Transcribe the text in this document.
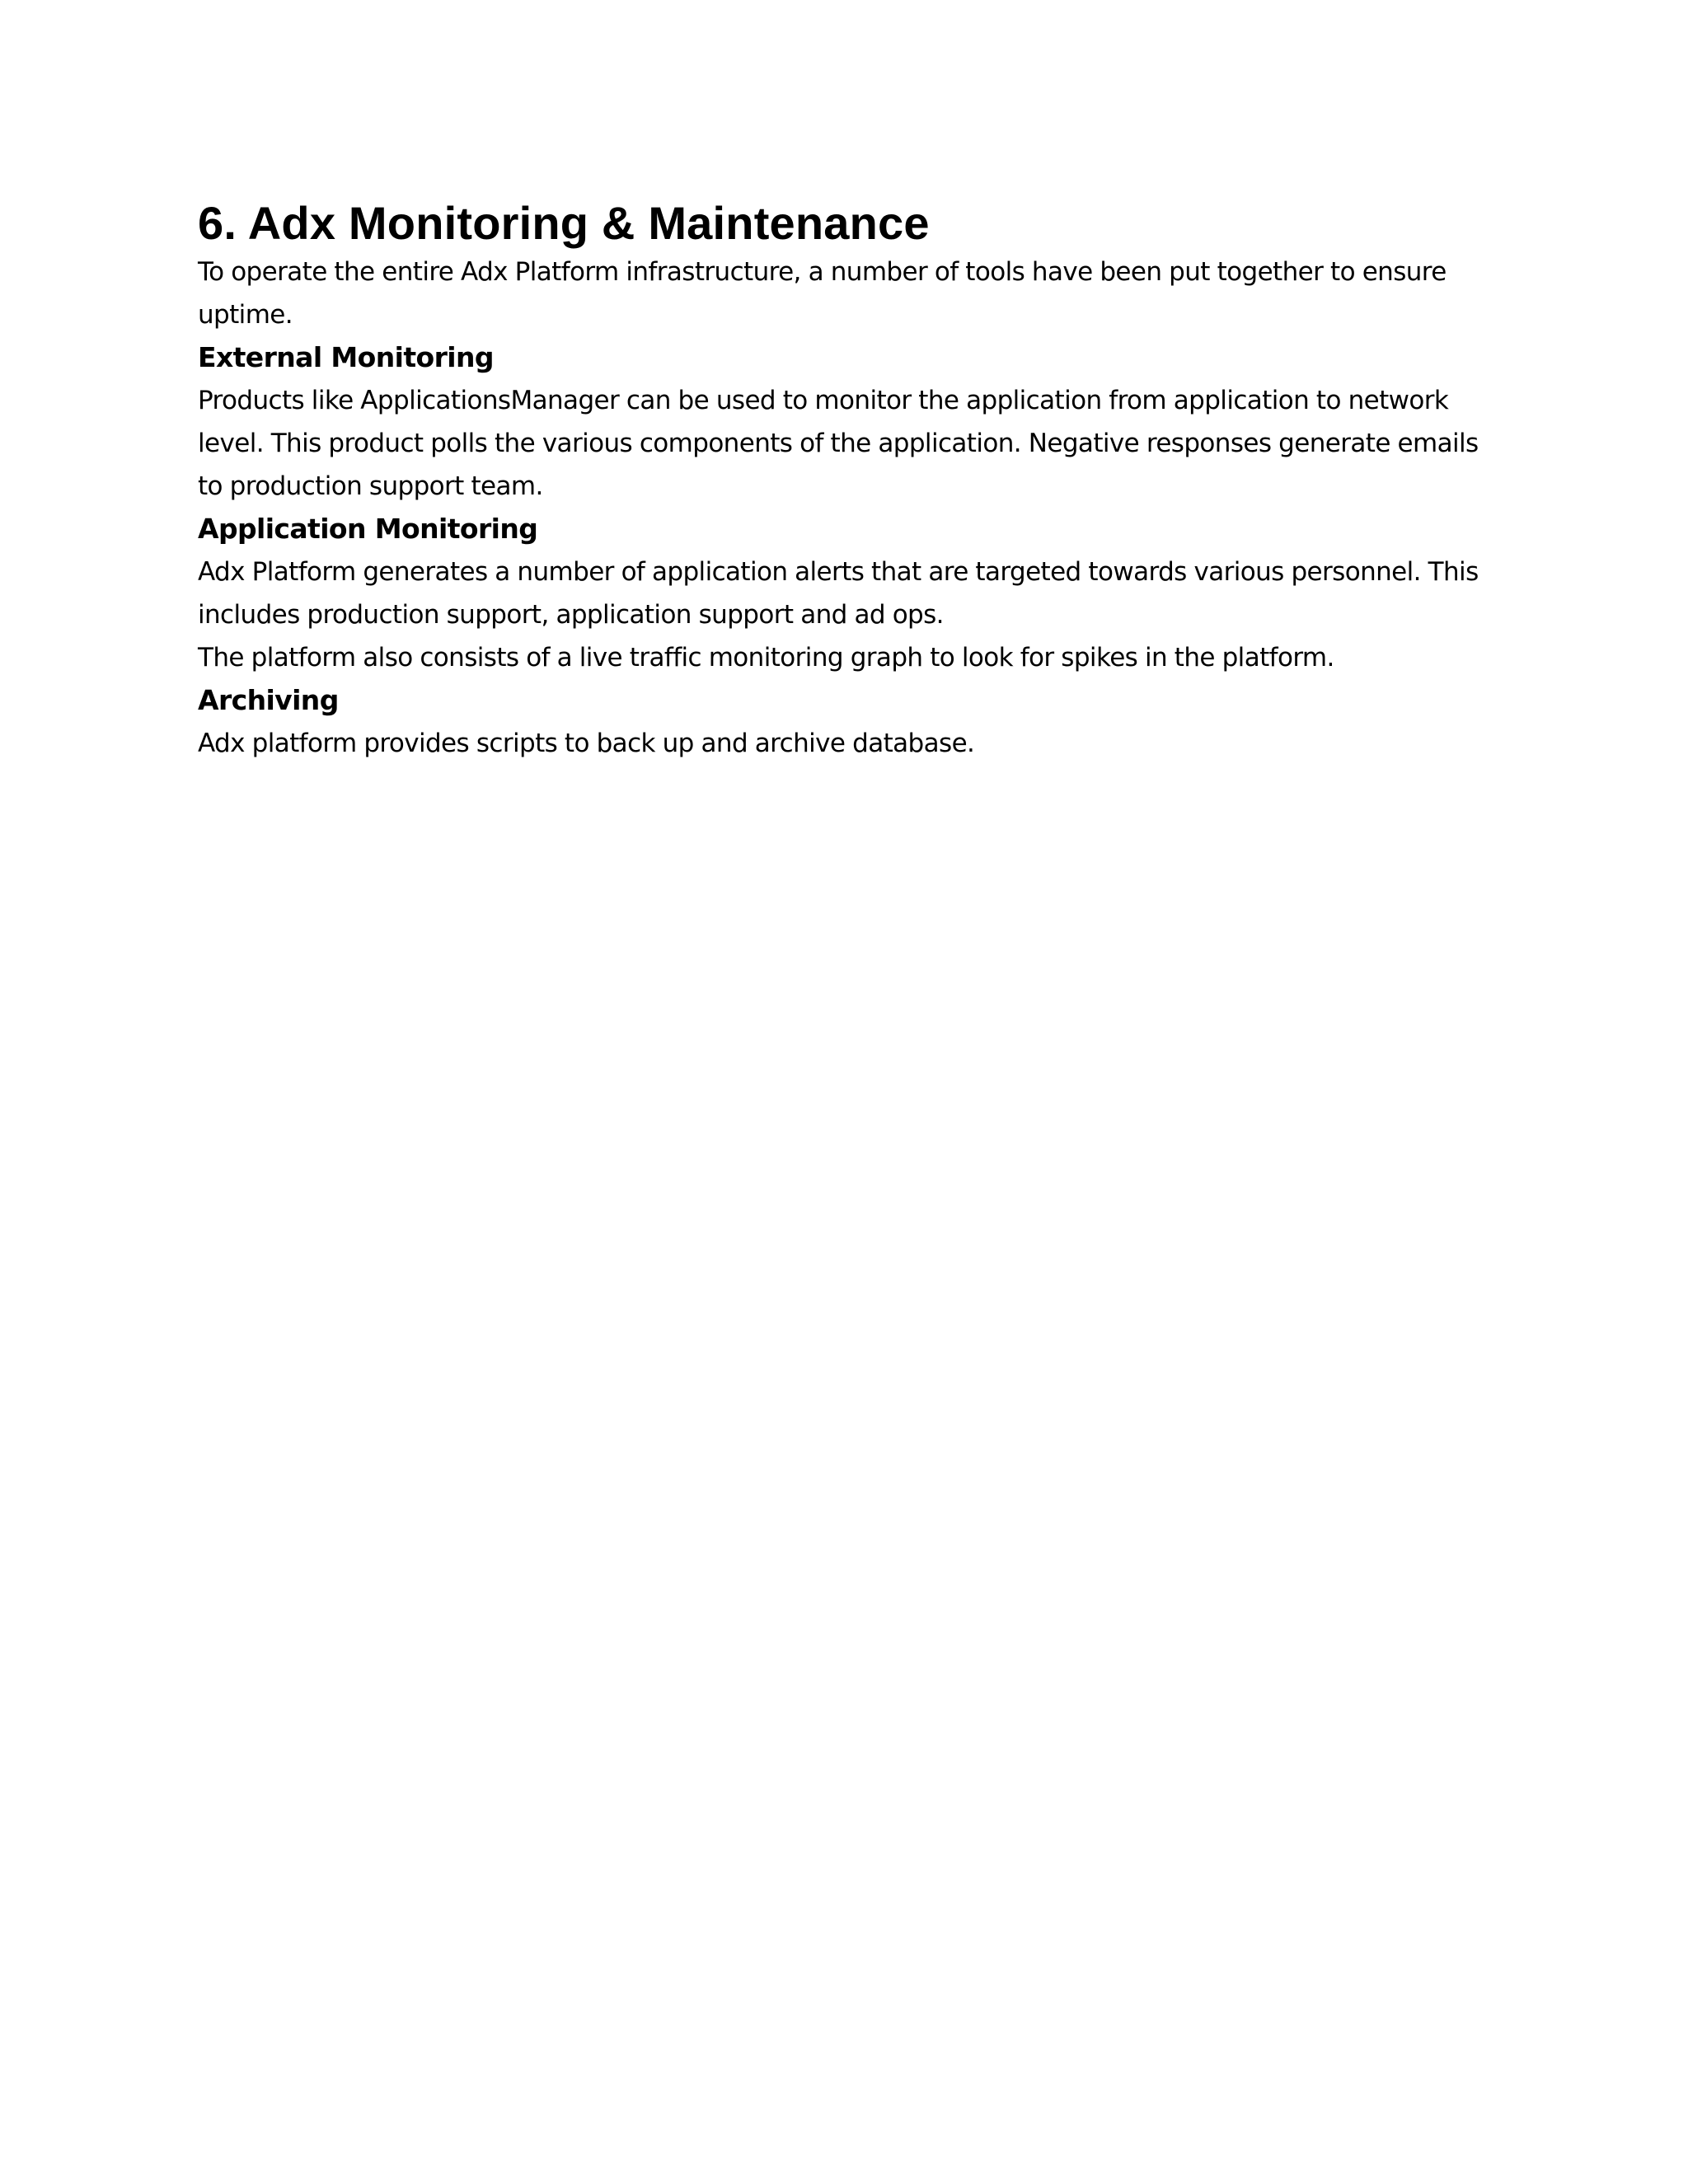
6. Adx Monitoring & Maintenance

To operate the entire Adx Platform infrastructure, a number of tools have been put together to ensure uptime.

External Monitoring

Products like ApplicationsManager can be used to monitor the application from application to network level. This product polls the various components of the application. Negative responses generate emails to production support team.

Application Monitoring

Adx Platform generates a number of application alerts that are targeted towards various personnel. This includes production support, application support and ad ops.

The platform also consists of a live traffic monitoring graph to look for spikes in the platform.

Archiving

Adx platform provides scripts to back up and archive database.
